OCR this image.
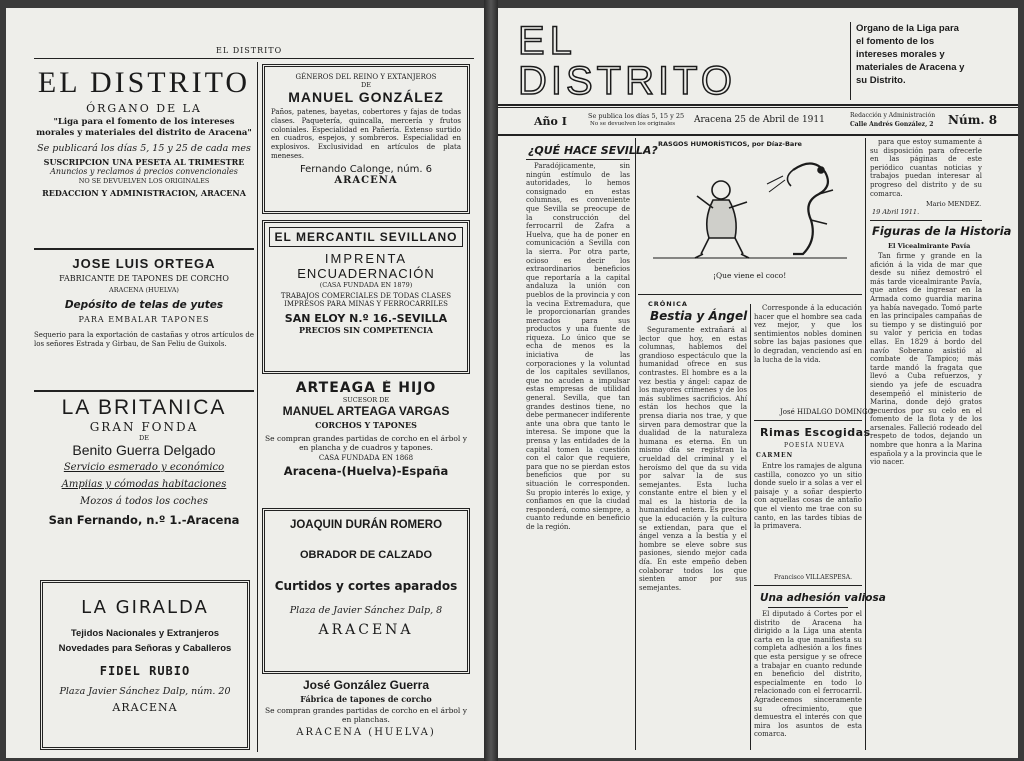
EL DISTRITO
EL DISTRITO
ÓRGANO DE LA
"Liga para el fomento de los intereses morales y materiales del distrito de Aracena"
Se publicará los días 5, 15 y 25 de cada mes
SUSCRIPCION UNA PESETA AL TRIMESTRE
Anuncios y reclamos á precios convencionales
NO SE DEVUELVEN LOS ORIGINALES
REDACCION Y ADMINISTRACION, ARACENA
JOSE LUIS ORTEGA
FABRICANTE DE TAPONES DE CORCHO
ARACENA (HUELVA)
Depósito de telas de yutes
PARA EMBALAR TAPONES
Sequerio para la exportación de castañas y otros artículos de los señores Estrada y Girbau, de San Feliu de Guixols.
LA BRITANICA
GRAN FONDA
DE
Benito Guerra Delgado
Servicio esmerado y económico
Ampiias y cómodas habitaciones
Mozos á todos los coches
San Fernando, n.º 1.-Aracena
LA GIRALDA
Tejidos Nacionales y Extranjeros
Novedades para Señoras y Caballeros
FIDEL RUBIO
Plaza Javier Sánchez Dalp, núm. 20
ARACENA
GÉNEROS DEL REINO Y EXTANJEROS
DE
MANUEL GONZÁLEZ
Paños, patenes, bayetas, cobertores y fajas de todas clases. Paquetería, quincalla, mercería y frutos coloniales. Especialidad en Pañería. Extenso surtido en cuadros, espejos, y sombreros. Especialidad en explosivos. Exclusividad en artículos de plata meneses.
Fernando Calonge, núm. 6
ARACENA
EL MERCANTIL SEVILLANO
IMPRENTA
ENCUADERNACIÓN
(CASA FUNDADA EN 1879)
TRABAJOS COMERCIALES DE TODAS CLASES
IMPRESOS PARA MINAS Y FERROCARRILES
SAN ELOY N.º 16.-SEVILLA
PRECIOS SIN COMPETENCIA
ARTEAGA É HIJO
SUCESOR DE
MANUEL ARTEAGA VARGAS
CORCHOS Y TAPONES
Se compran grandes partidas de corcho en el árbol y en plancha y de cuadros y tapones.
CASA FUNDADA EN 1868
Aracena-(Huelva)-España
JOAQUIN DURÁN ROMERO
OBRADOR DE CALZADO
Curtidos y cortes aparados
Plaza de Javier Sánchez Dalp, 8
ARACENA
José González Guerra
Fábrica de tapones de corcho
Se compran grandes partidas de corcho en el árbol y en planchas.
ARACENA (HUELVA)
EL
DISTRITO
Organo de la Liga para el fomento de los intereses morales y materiales de Aracena y su Distrito.
Año I	Se publica los días 5, 15 y 25
No se devuelven los originales Aracena 25 de Abril de 1911	Redacción y Administración
Calle Andrés González, 2 Núm. 8
¿QUÉ HACE SEVILLA?

Paradójicamente, sin ningún estímulo de las autoridades, lo hemos consignado en estas columnas, es conveniente que Sevilla se preocupe de la construcción del ferrocarril de Zafra a Huelva, que ha de poner en comunicación a Sevilla con la sierra. Por otra parte, ocioso es decir los extraordinarios beneficios que reportaría a la capital andaluza la unión con pueblos de la provincia y con la vecina Extremadura, que le proporcionarían grandes mercados para sus productos y una fuente de riqueza. Lo único que se echa de menos es la iniciativa de las corporaciones y la voluntad de los capitales sevillanos, que no acuden a impulsar estas empresas de utilidad general. Sevilla, que tan grandes destinos tiene, no debe permanecer indiferente ante una obra que tanto le interesa. Se impone que la prensa y las entidades de la capital tomen la cuestión con el calor que requiere, para que no se pierdan estos beneficios que por su situación le corresponden. Su propio interés lo exige, y confiamos en que la ciudad responderá, como siempre, a cuanto redunde en beneficio de la región.

RASGOS HUMORÍSTICOS, por Díaz-Bare
¡Que viene el coco!
CRÓNICA
Bestia y Ángel

Seguramente extrañará al lector que hoy, en estas columnas, hablemos del grandioso espectáculo que la humanidad ofrece en sus contrastes. El hombre es a la vez bestia y ángel: capaz de los mayores crímenes y de los más sublimes sacrificios. Ahí están los hechos que la prensa diaria nos trae, y que sirven para demostrar que la dualidad de la naturaleza humana es eterna. En un mismo día se registran la crueldad del criminal y el heroísmo del que da su vida por salvar la de sus semejantes. Esta lucha constante entre el bien y el mal es la historia de la humanidad entera. Es preciso que la educación y la cultura se extiendan, para que el ángel venza a la bestia y el hombre se eleve sobre sus pasiones, siendo mejor cada día. En este empeño deben colaborar todos los que sienten amor por sus semejantes.

Corresponde á la educación hacer que el hombre sea cada vez mejor, y que los sentimientos nobles dominen sobre las bajas pasiones que lo degradan, venciendo así en la lucha de la vida.

José HIDALGO DOMINGO.
Rimas Escogidas
POESÍA NUEVA
CARMEN

Entre los ramajes de alguna castilla, conozco yo un sitio donde suelo ir a solas a ver el paisaje y a soñar despierto con aquellas cosas de antaño que el viento me trae con su canto, en las tardes tibias de la primavera.

Francisco VILLAESPESA.
Una adhesión valiosa

El diputado á Cortes por el distrito de Aracena ha dirigido a la Liga una atenta carta en la que manifiesta su completa adhesión a los fines que esta persigue y se ofrece a trabajar en cuanto redunde en beneficio del distrito, especialmente en todo lo relacionado con el ferrocarril. Agradecemos sinceramente su ofrecimiento, que demuestra el interés con que mira los asuntos de esta comarca.

para que estoy sumamente á su disposición para ofrecerle en las páginas de este periódico cuantas noticias y trabajos puedan interesar al progreso del distrito y de su comarca.

19 Abril 1911.
Mario MENDEZ.
Figuras de la Historia
El Vicealmirante Pavía

Tan firme y grande en la afición á la vida de mar que desde su niñez demostró el más tarde vicealmirante Pavía, que antes de ingresar en la Armada como guardia marina ya había navegado. Tomó parte en las principales campañas de su tiempo y se distinguió por su valor y pericia en todas ellas. En 1829 á bordo del navío Soberano asistió al combate de Tampico; más tarde mandó la fragata que llevó a Cuba refuerzos, y siendo ya jefe de escuadra desempeñó el ministerio de Marina, donde dejó gratos recuerdos por su celo en el fomento de la flota y de los arsenales. Falleció rodeado del respeto de todos, dejando un nombre que honra a la Marina española y a la provincia que le vio nacer.
